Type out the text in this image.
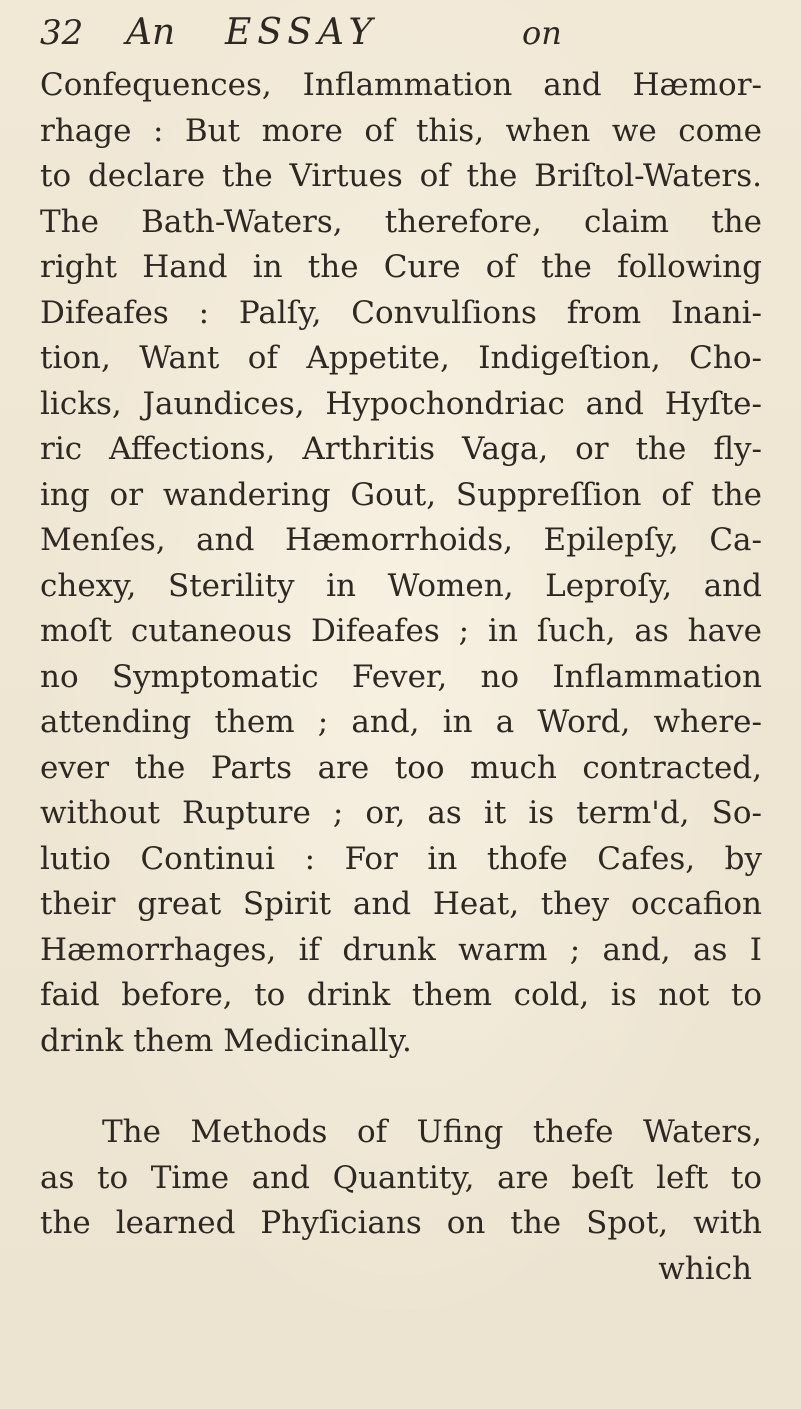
32 An ESSAY	on
Confequences, Inflammation and Hæmor-
rhage : But more of this, when we come
to declare the Virtues of the Briſtol-Waters.
The Bath-Waters, therefore, claim the
right Hand in the Cure of the following
Difeafes : Palſy, Convulſions from Inani-
tion, Want of Appetite, Indigeſtion, Cho-
licks, Jaundices, Hypochondriac and Hyſte-
ric Affections, Arthritis Vaga, or the fly-
ing or wandering Gout, Suppreſſion of the
Menſes, and Hæmorrhoids, Epilepſy, Ca-
chexy, Sterility in Women, Leproſy, and
moſt cutaneous Difeafes ; in ſuch, as have
no Symptomatic Fever, no Inflammation
attending them ; and, in a Word, where-
ever the Parts are too much contracted,
without Rupture ; or, as it is term'd, So-
lutio Continui : For in thofe Cafes, by
their great Spirit and Heat, they occafion
Hæmorrhages, if drunk warm ; and, as I
faid before, to drink them cold, is not to
drink them Medicinally.
The Methods of Ufing thefe Waters,
as to Time and Quantity, are beſt left to
the learned Phyſicians on the Spot, with
which
